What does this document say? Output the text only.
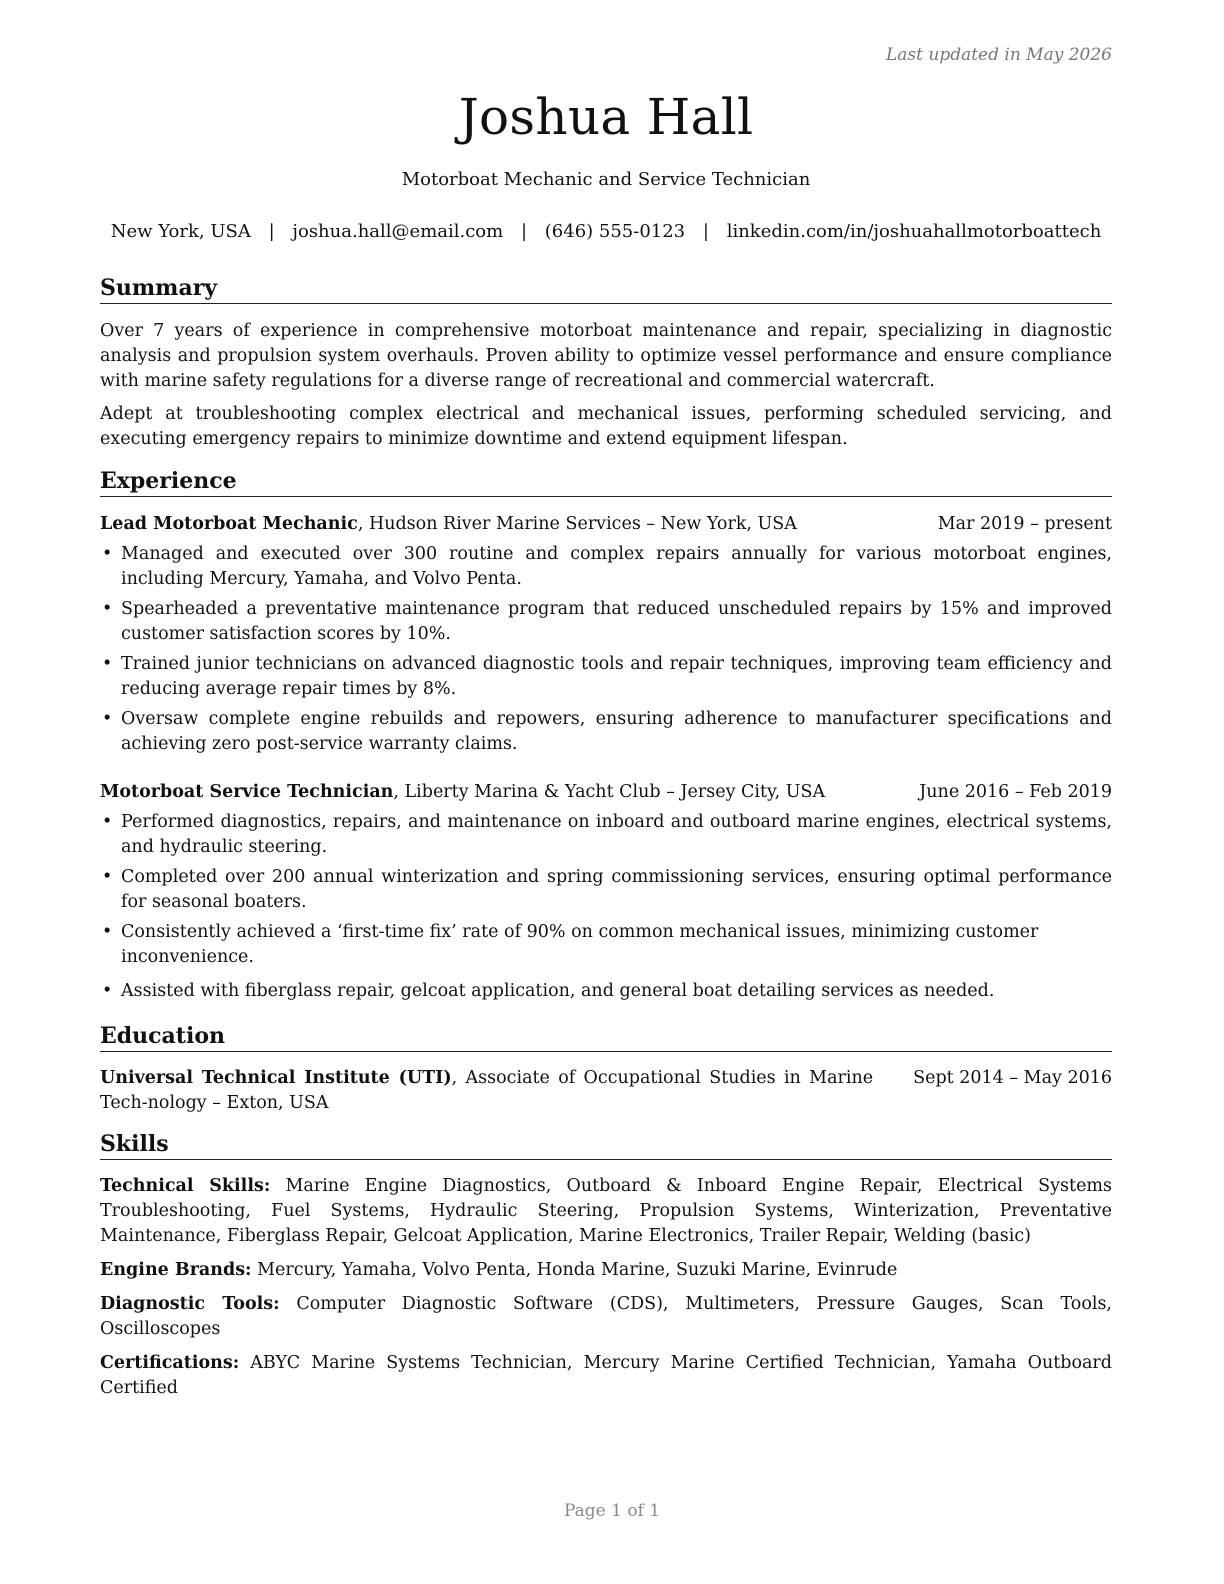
Last updated in May 2026
Joshua Hall
Motorboat Mechanic and Service Technician
New York, USA | joshua.hall@email.com | (646) 555-0123 | linkedin.com/in/joshuahallmotorboattech
Summary

Over 7 years of experience in comprehensive motorboat maintenance and repair, specializing in diagnostic analysis and propulsion system overhauls. Proven ability to optimize vessel performance and ensure compliance with marine safety regulations for a diverse range of recreational and commercial watercraft.

Adept at troubleshooting complex electrical and mechanical issues, performing scheduled servicing, and executing emergency repairs to minimize downtime and extend equipment lifespan.

Experience
Lead Motorboat Mechanic, Hudson River Marine Services – New York, USA	Mar 2019 – present
• Managed and executed over 300 routine and complex repairs annually for various motorboat engines, including Mercury, Yamaha, and Volvo Penta.
• Spearheaded a preventative maintenance program that reduced unscheduled repairs by 15% and improved customer satisfaction scores by 10%.
• Trained junior technicians on advanced diagnostic tools and repair techniques, improving team efficiency and reducing average repair times by 8%.
• Oversaw complete engine rebuilds and repowers, ensuring adherence to manufacturer specifications and achieving zero post-service warranty claims.
Motorboat Service Technician, Liberty Marina & Yacht Club – Jersey City, USA	June 2016 – Feb 2019
• Performed diagnostics, repairs, and maintenance on inboard and outboard marine engines, electrical systems, and hydraulic steering.
• Completed over 200 annual winterization and spring commissioning services, ensuring optimal performance for seasonal boaters.
• Consistently achieved a ‘first-time fix’ rate of 90% on common mechanical issues, minimizing customer inconvenience.
• Assisted with fiberglass repair, gelcoat application, and general boat detailing services as needed.
Education
Universal Technical Institute (UTI), Associate of Occupational Studies in Marine Tech-nology – Exton, USA
Sept 2014 – May 2016
Skills

Technical Skills: Marine Engine Diagnostics, Outboard & Inboard Engine Repair, Electrical Systems Troubleshooting, Fuel Systems, Hydraulic Steering, Propulsion Systems, Winterization, Preventative Maintenance, Fiberglass Repair, Gelcoat Application, Marine Electronics, Trailer Repair, Welding (basic)

Engine Brands: Mercury, Yamaha, Volvo Penta, Honda Marine, Suzuki Marine, Evinrude

Diagnostic Tools: Computer Diagnostic Software (CDS), Multimeters, Pressure Gauges, Scan Tools, Oscilloscopes

Certifications: ABYC Marine Systems Technician, Mercury Marine Certified Technician, Yamaha Outboard Certified

Page 1 of 1
